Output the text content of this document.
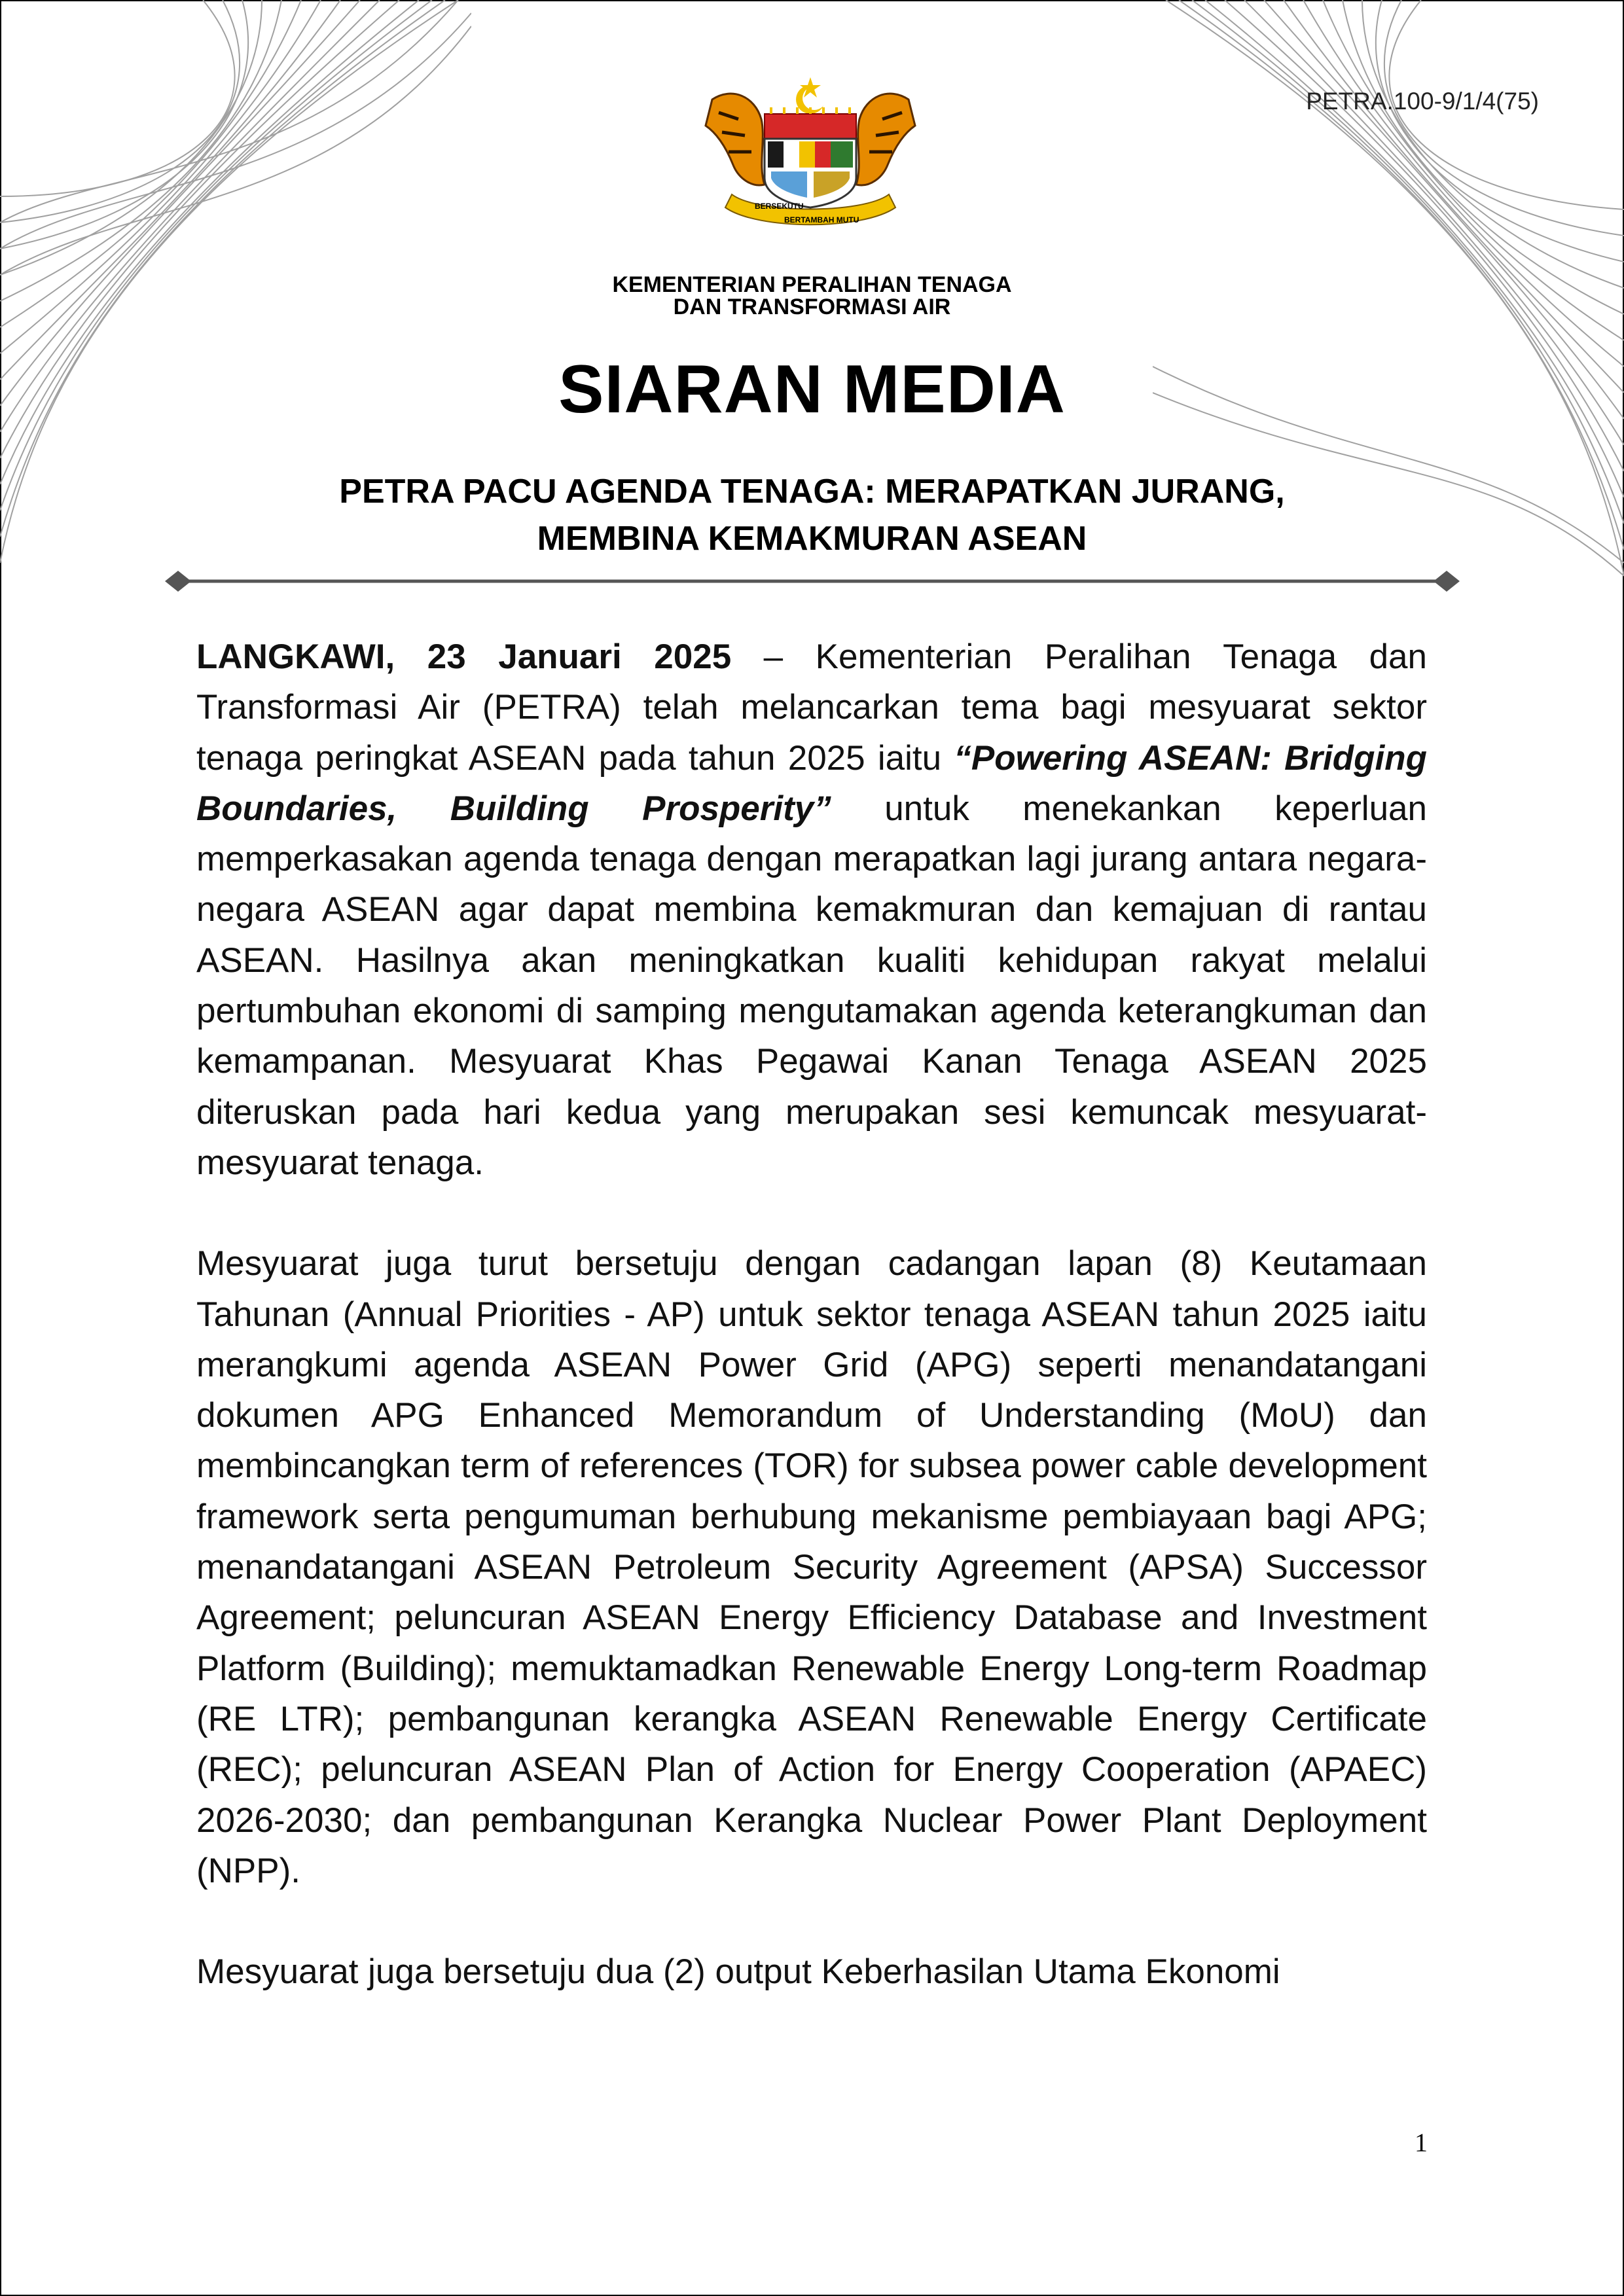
PETRA.100-9/1/4(75)
BERSEKUTU
BERTAMBAH MUTU
KEMENTERIAN PERALIHAN TENAGA
DAN TRANSFORMASI AIR
SIARAN MEDIA
PETRA PACU AGENDA TENAGA: MERAPATKAN JURANG,
MEMBINA KEMAKMURAN ASEAN

LANGKAWI, 23 Januari 2025 – Kementerian Peralihan Tenaga dan Transformasi Air (PETRA) telah melancarkan tema bagi mesyuarat sektor tenaga peringkat ASEAN pada tahun 2025 iaitu “Powering ASEAN: Bridging Boundaries, Building Prosperity” untuk menekankan keperluan memperkasakan agenda tenaga dengan merapatkan lagi jurang antara negara-negara ASEAN agar dapat membina kemakmuran dan kemajuan di rantau ASEAN. Hasilnya akan meningkatkan kualiti kehidupan rakyat melalui pertumbuhan ekonomi di samping mengutamakan agenda keterangkuman dan kemampanan. Mesyuarat Khas Pegawai Kanan Tenaga ASEAN 2025 diteruskan pada hari kedua yang merupakan sesi kemuncak mesyuarat-mesyuarat tenaga.

Mesyuarat juga turut bersetuju dengan cadangan lapan (8) Keutamaan Tahunan (Annual Priorities - AP) untuk sektor tenaga ASEAN tahun 2025 iaitu merangkumi agenda ASEAN Power Grid (APG) seperti menandatangani dokumen APG Enhanced Memorandum of Understanding (MoU) dan membincangkan term of references (TOR) for subsea power cable development framework serta pengumuman berhubung mekanisme pembiayaan bagi APG; menandatangani ASEAN Petroleum Security Agreement (APSA) Successor Agreement; peluncuran ASEAN Energy Efficiency Database and Investment Platform (Building); memuktamadkan Renewable Energy Long-term Roadmap (RE LTR); pembangunan kerangka ASEAN Renewable Energy Certificate (REC); peluncuran ASEAN Plan of Action for Energy Cooperation (APAEC) 2026-2030; dan pembangunan Kerangka Nuclear Power Plant Deployment (NPP).

Mesyuarat juga bersetuju dua (2) output Keberhasilan Utama Ekonomi

1
